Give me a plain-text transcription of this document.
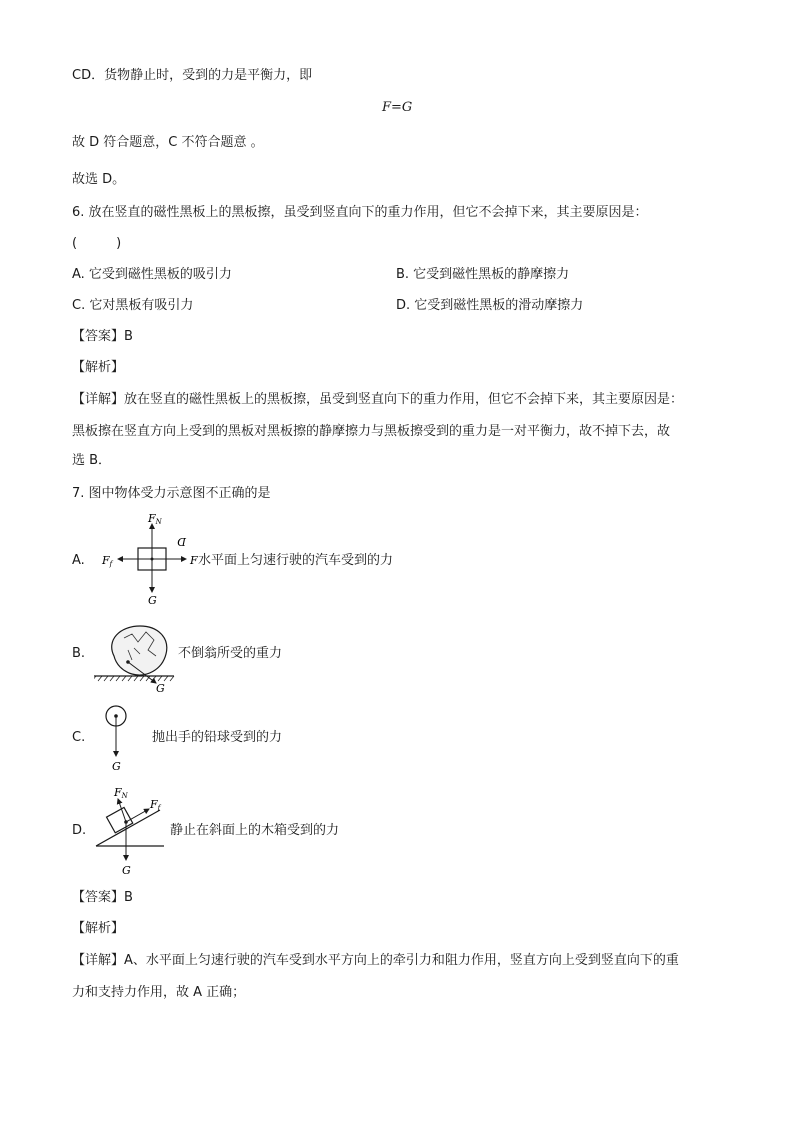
CD．货物静止时，受到的力是平衡力，即
F=G
故 D 符合题意，C 不符合题意 。
故选 D。
6. 放在竖直的磁性黑板上的黑板擦，虽受到竖直向下的重力作用，但它不会掉下来，其主要原因是：
(　　　)
A. 它受到磁性黑板的吸引力	B. 它受到磁性黑板的静摩擦力
C. 它对黑板有吸引力	D. 它受到磁性黑板的滑动摩擦力
【答案】B
【解析】
【详解】放在竖直的磁性黑板上的黑板擦，虽受到竖直向下的重力作用，但它不会掉下来，其主要原因是：
黑板擦在竖直方向上受到的黑板对黑板擦的静摩擦力与黑板擦受到的重力是一对平衡力，故不掉下去，故
选 B．
7. 图中物体受力示意图不正确的是
A.
FN
Ff	F
G
D
水平面上匀速行驶的汽车受到的力
B.
G
不倒翁所受的重力
C.
G
抛出手的铅球受到的力
D.
FN
Ff
G
静止在斜面上的木箱受到的力
【答案】B
【解析】
【详解】A、水平面上匀速行驶的汽车受到水平方向上的牵引力和阻力作用，竖直方向上受到竖直向下的重
力和支持力作用，故 A 正确；
